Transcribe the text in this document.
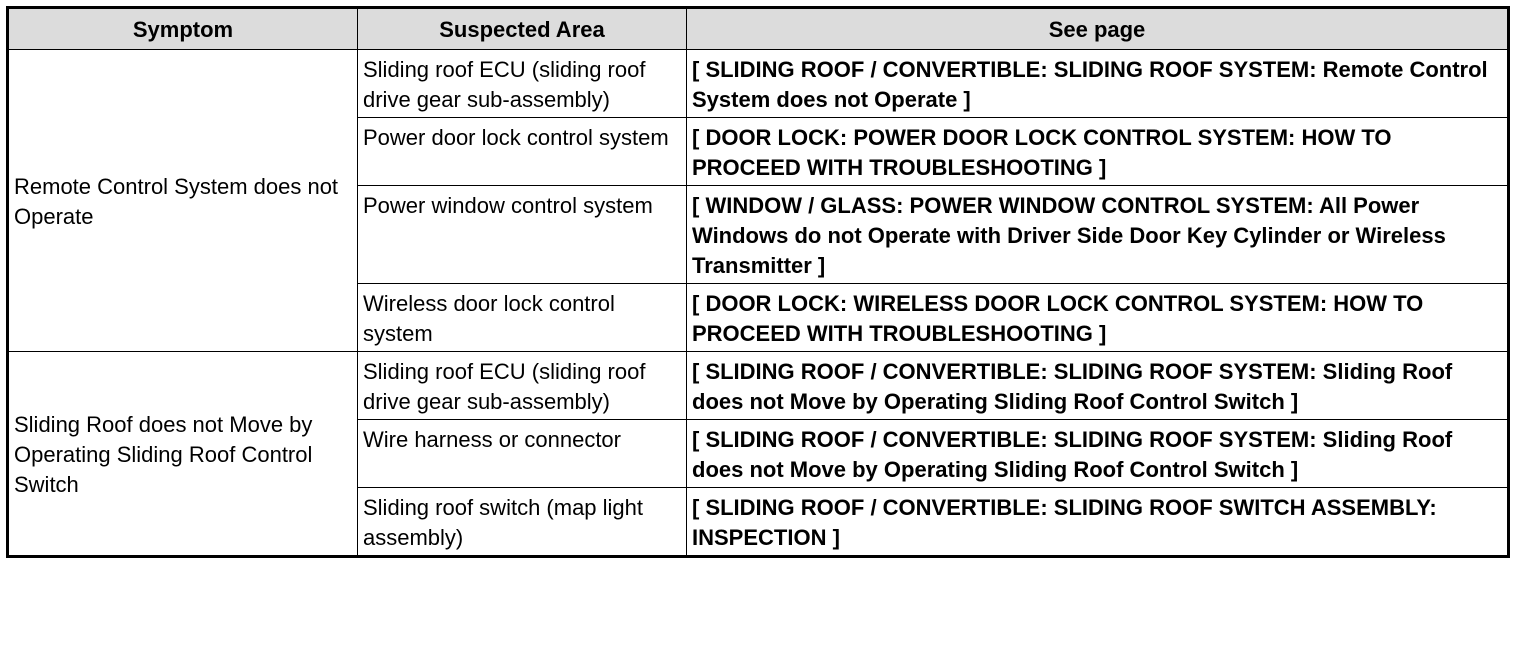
Symptom	Suspected Area	See page
Remote Control System does not Operate	Sliding roof ECU (sliding roof drive gear sub-assembly)	[ SLIDING ROOF / CONVERTIBLE: SLIDING ROOF SYSTEM: Remote Control System does not Operate ]
	Power door lock control system	[ DOOR LOCK: POWER DOOR LOCK CONTROL SYSTEM: HOW TO PROCEED WITH TROUBLESHOOTING ]
	Power window control system	[ WINDOW / GLASS: POWER WINDOW CONTROL SYSTEM: All Power Windows do not Operate with Driver Side Door Key Cylinder or Wireless Transmitter ]
	Wireless door lock control system	[ DOOR LOCK: WIRELESS DOOR LOCK CONTROL SYSTEM: HOW TO PROCEED WITH TROUBLESHOOTING ]
Sliding Roof does not Move by Operating Sliding Roof Control Switch	Sliding roof ECU (sliding roof drive gear sub-assembly)	[ SLIDING ROOF / CONVERTIBLE: SLIDING ROOF SYSTEM: Sliding Roof does not Move by Operating Sliding Roof Control Switch ]
	Wire harness or connector	[ SLIDING ROOF / CONVERTIBLE: SLIDING ROOF SYSTEM: Sliding Roof does not Move by Operating Sliding Roof Control Switch ]
	Sliding roof switch (map light assembly)	[ SLIDING ROOF / CONVERTIBLE: SLIDING ROOF SWITCH ASSEMBLY: INSPECTION ]
